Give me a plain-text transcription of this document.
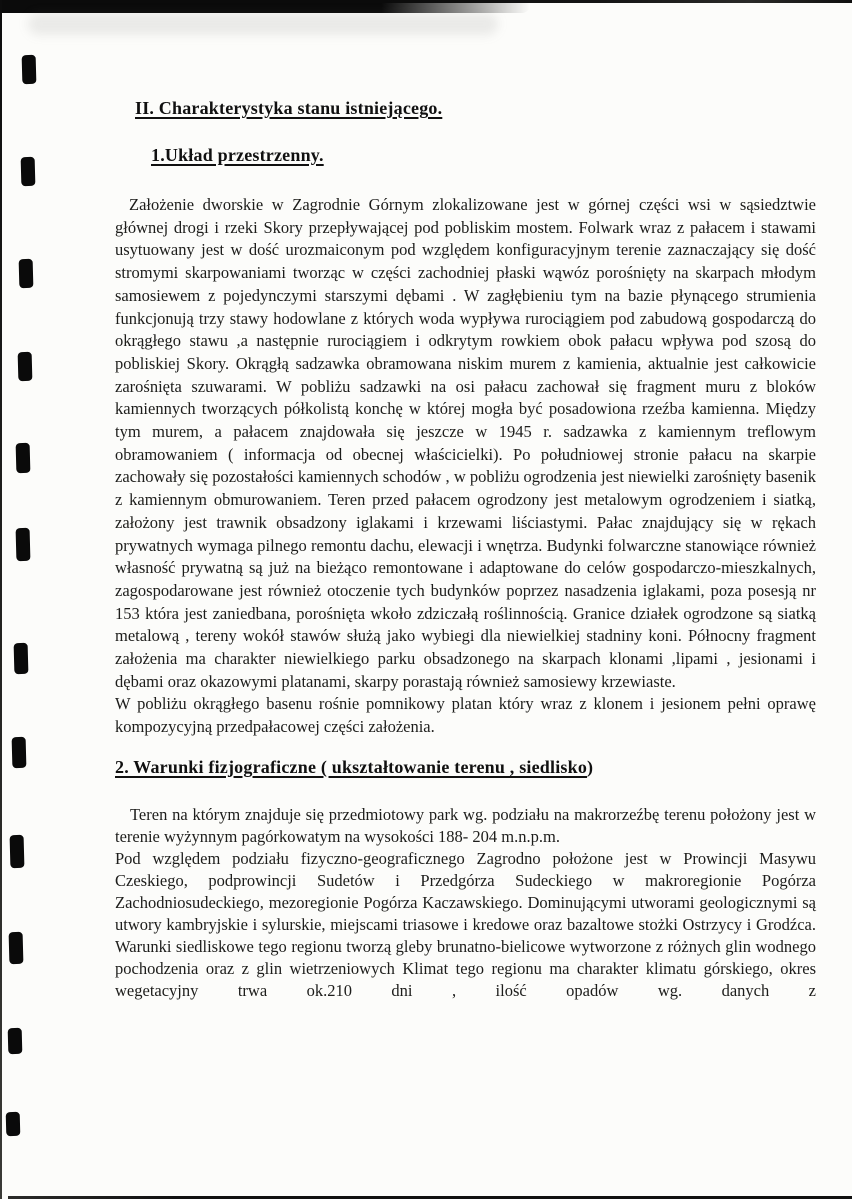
II. Charakterystyka stanu istniejącego.
1.Układ przestrzenny.

Założenie dworskie w Zagrodnie Górnym zlokalizowane jest w górnej części wsi w sąsiedztwie głównej drogi i rzeki Skory przepływającej pod pobliskim mostem. Folwark wraz z pałacem i stawami usytuowany jest w dość urozmaiconym pod względem konfiguracyjnym terenie zaznaczający się dość stromymi skarpowaniami tworząc w części zachodniej płaski wąwóz porośnięty na skarpach młodym samosiewem z pojedynczymi starszymi dębami . W zagłębieniu tym na bazie płynącego strumienia funkcjonują trzy stawy hodowlane z których woda wypływa rurociągiem pod zabudową gospodarczą do okrągłego stawu ,a następnie rurociągiem i odkrytym rowkiem obok pałacu wpływa pod szosą do pobliskiej Skory. Okrągłą sadzawka obramowana niskim murem z kamienia, aktualnie jest całkowicie zarośnięta szuwarami. W pobliżu sadzawki na osi pałacu zachował się fragment muru z bloków kamiennych tworzących półkolistą konchę w której mogła być posadowiona rzeźba kamienna. Między tym murem, a pałacem znajdowała się jeszcze w 1945 r. sadzawka z kamiennym treflowym obramowaniem ( informacja od obecnej właścicielki). Po południowej stronie pałacu na skarpie zachowały się pozostałości kamiennych schodów , w pobliżu ogrodzenia jest niewielki zarośnięty basenik z kamiennym obmurowaniem. Teren przed pałacem ogrodzony jest metalowym ogrodzeniem i siatką, założony jest trawnik obsadzony iglakami i krzewami liściastymi. Pałac znajdujący się w rękach prywatnych wymaga pilnego remontu dachu, elewacji i wnętrza. Budynki folwarczne stanowiące również własność prywatną są już na bieżąco remontowane i adaptowane do celów gospodarczo-mieszkalnych, zagospodarowane jest również otoczenie tych budynków poprzez nasadzenia iglakami, poza posesją nr 153 która jest zaniedbana, porośnięta wkoło zdziczałą roślinnością. Granice działek ogrodzone są siatką metalową , tereny wokół stawów służą jako wybiegi dla niewielkiej stadniny koni. Północny fragment założenia ma charakter niewielkiego parku obsadzonego na skarpach klonami ,lipami , jesionami i dębami oraz okazowymi platanami, skarpy porastają również samosiewy krzewiaste.

W pobliżu okrągłego basenu rośnie pomnikowy platan który wraz z klonem i jesionem pełni oprawę kompozycyjną przedpałacowej części założenia.

2. Warunki fizjograficzne ( ukształtowanie terenu , siedlisko)

Teren na którym znajduje się przedmiotowy park wg. podziału na makrorzeźbę terenu położony jest w terenie wyżynnym pagórkowatym na wysokości 188- 204 m.n.p.m.

Pod względem podziału fizyczno-geograficznego Zagrodno położone jest w Prowincji Masywu Czeskiego, podprowincji Sudetów i Przedgórza Sudeckiego w makroregionie Pogórza Zachodniosudeckiego, mezoregionie Pogórza Kaczawskiego. Dominującymi utworami geologicznymi są utwory kambryjskie i sylurskie, miejscami triasowe i kredowe oraz bazaltowe stożki Ostrzycy i Grodźca. Warunki siedliskowe tego regionu tworzą gleby brunatno-bielicowe wytworzone z różnych glin wodnego pochodzenia oraz z glin wietrzeniowych Klimat tego regionu ma charakter klimatu górskiego, okres wegetacyjny trwa ok.210 dni , ilość opadów wg. danych z
